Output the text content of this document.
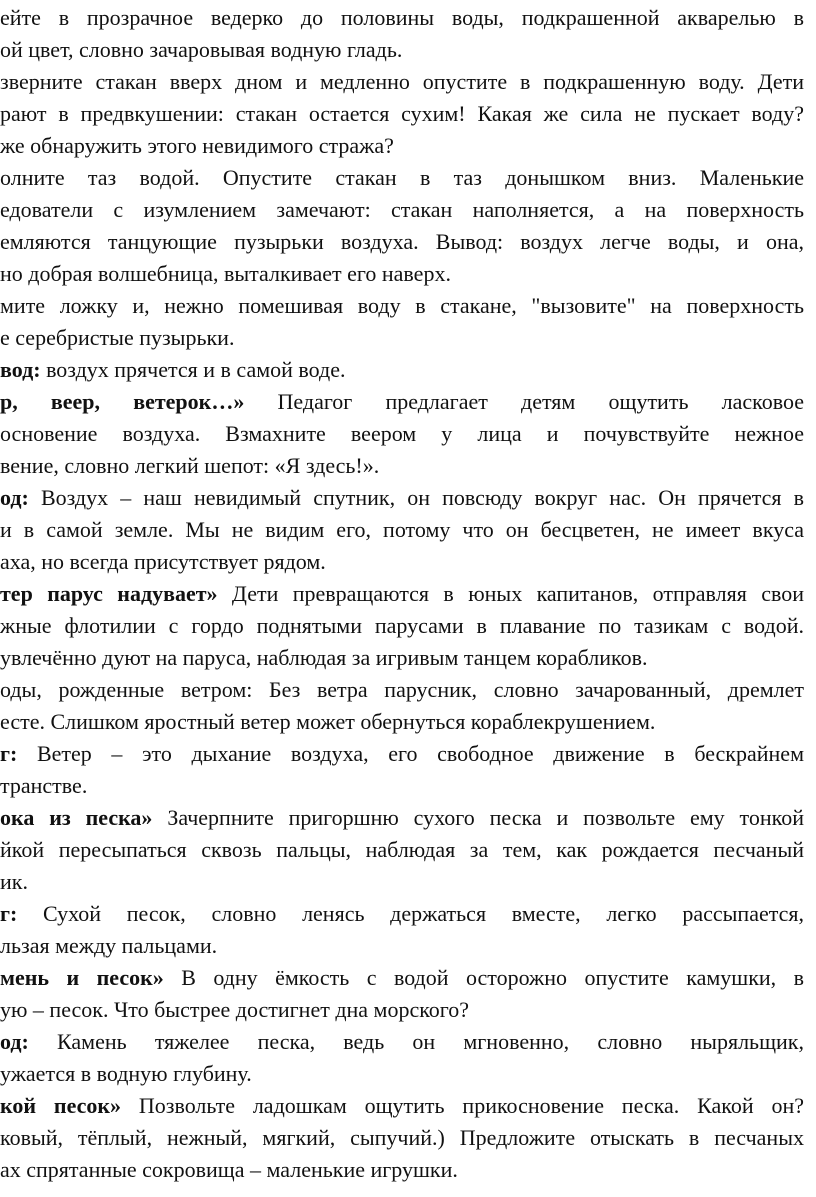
ейте в прозрачное ведерко до половины воды, подкрашенной акварелью в
ой цвет, словно зачаровывая водную гладь.
зверните стакан вверх дном и медленно опустите в подкрашенную воду. Дети
рают в предвкушении: стакан остается сухим! Какая же сила не пускает воду?
же обнаружить этого невидимого стража?
олните таз водой. Опустите стакан в таз донышком вниз. Маленькие
едователи с изумлением замечают: стакан наполняется, а на поверхность
емляются танцующие пузырьки воздуха. Вывод: воздух легче воды, и она,
но добрая волшебница, выталкивает его наверх.
мите ложку и, нежно помешивая воду в стакане, "вызовите" на поверхность
е серебристые пузырьки.
вод: воздух прячется и в самой воде.
р, веер, ветерок…» Педагог предлагает детям ощутить ласковое
основение воздуха. Взмахните веером у лица и почувствуйте нежное
вение, словно легкий шепот: «Я здесь!».
од: Воздух – наш невидимый спутник, он повсюду вокруг нас. Он прячется в
и в самой земле. Мы не видим его, потому что он бесцветен, не имеет вкуса
аха, но всегда присутствует рядом.
тер парус надувает» Дети превращаются в юных капитанов, отправляя свои
жные флотилии с гордо поднятыми парусами в плавание по тазикам с водой.
увлечённо дуют на паруса, наблюдая за игривым танцем корабликов.
оды, рожденные ветром: Без ветра парусник, словно зачарованный, дремлет
есте. Слишком яростный ветер может обернуться кораблекрушением.
г: Ветер – это дыхание воздуха, его свободное движение в бескрайнем
транстве.
ока из песка» Зачерпните пригоршню сухого песка и позвольте ему тонкой
йкой пересыпаться сквозь пальцы, наблюдая за тем, как рождается песчаный
ик.
г: Сухой песок, словно ленясь держаться вместе, легко рассыпается,
льзая между пальцами.
мень и песок» В одну ёмкость с водой осторожно опустите камушки, в
ую – песок. Что быстрее достигнет дна морского?
од: Камень тяжелее песка, ведь он мгновенно, словно ныряльщик,
ужается в водную глубину.
кой песок» Позвольте ладошкам ощутить прикосновение песка. Какой он?
ковый, тёплый, нежный, мягкий, сыпучий.) Предложите отыскать в песчаных
ах спрятанные сокровища – маленькие игрушки.
